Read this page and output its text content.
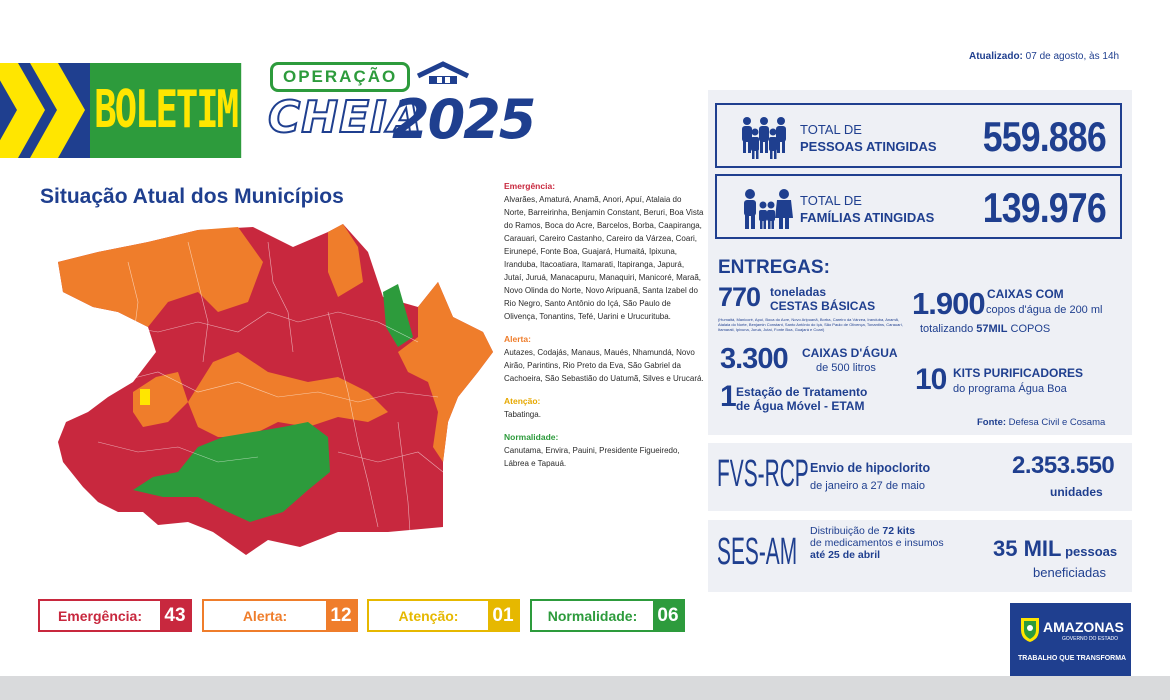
BOLETIM
OPERAÇÃO
CHEIA
2025
Atualizado: 07 de agosto, às 14h
Situação Atual dos Municípios	Emergência:
Alvarães, Amaturá, Anamã, Anori, Apuí, Atalaia do Norte, Barreirinha, Benjamin Constant, Beruri, Boa Vista do Ramos, Boca do Acre, Barcelos, Borba, Caapiranga, Carauari, Careiro Castanho, Careiro da Várzea, Coari, Eirunepé, Fonte Boa, Guajará, Humaitá, Ipixuna, Iranduba, Itacoatiara, Itamarati, Itapiranga, Japurá, Jutaí, Juruá, Manacapuru, Manaquiri, Manicoré, Maraã, Novo Olinda do Norte, Novo Aripuanã, Santa Izabel do Rio Negro, Santo Antônio do Içá, São Paulo de Olivença, Tonantins, Tefé, Uarini e Urucurituba.

Alerta:
Autazes, Codajás, Manaus, Maués, Nhamundá, Novo Airão, Parintins, Rio Preto da Eva, São Gabriel da Cachoeira, São Sebastião do Uatumã, Silves e Urucará.

Atenção:
Tabatinga.

Normalidade:
Canutama, Envira, Pauini, Presidente Figueiredo, Lábrea e Tapauá.

Emergência:	43	Alerta:	12	Atenção:	01	Normalidade:	06
TOTAL DE
PESSOAS ATINGIDAS 559.886
TOTAL DE
FAMÍLIAS ATINGIDAS 139.976
ENTREGAS:
770 toneladas
CESTAS BÁSICAS
(Humaitá, Manicoré, Apuí, Boca do Acre, Novo Aripuanã, Borba, Careiro da Várzea, Iranduba, Anamã, Atalaia do Norte, Benjamin Constant, Santo Antônio do Içá, São Paulo de Olivença, Tonantins, Carauari, Itamarati, Ipixuna, Juruá, Jutaí, Fonte Boa, Guajará e Coari)
1.900 CAIXAS COM
copos d'água de 200 ml
totalizando 57MIL COPOS
3.300 CAIXAS D'ÁGUA
de 500 litros
1 Estação de Tratamento
de Água Móvel - ETAM
10 KITS PURIFICADORES
do programa Água Boa
Fonte: Defesa Civil e Cosama
FVS-RCP Envio de hipoclorito
de janeiro a 27 de maio
2.353.550
unidades
SES-AM Distribuição de 72 kits
de medicamentos e insumos
até 25 de abril	35 MIL pessoas
beneficiadas
AMAZONAS
GOVERNO DO ESTADO
TRABALHO QUE TRANSFORMA
